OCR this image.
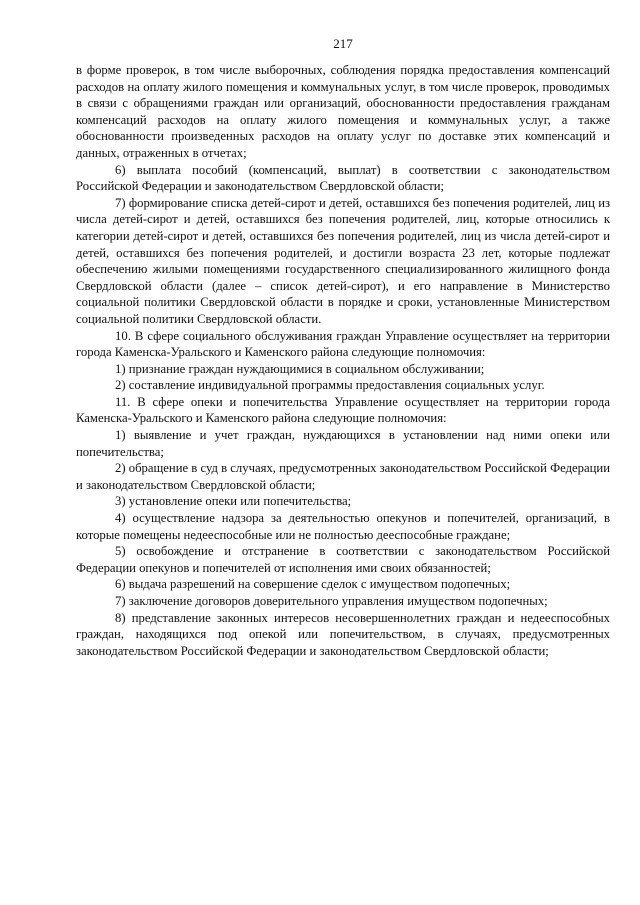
217

в форме проверок, в том числе выборочных, соблюдения порядка предоставления компенсаций расходов на оплату жилого помещения и коммунальных услуг, в том числе проверок, проводимых в связи с обращениями граждан или организаций, обоснованности предоставления гражданам компенсаций расходов на оплату жилого помещения и коммунальных услуг, а также обоснованности произведенных расходов на оплату услуг по доставке этих компенсаций и данных, отраженных в отчетах;

6) выплата пособий (компенсаций, выплат) в соответствии с законодательством Российской Федерации и законодательством Свердловской области;

7) формирование списка детей-сирот и детей, оставшихся без попечения родителей, лиц из числа детей-сирот и детей, оставшихся без попечения родителей, лиц, которые относились к категории детей-сирот и детей, оставшихся без попечения родителей, лиц из числа детей-сирот и детей, оставшихся без попечения родителей, и достигли возраста 23 лет, которые подлежат обеспечению жилыми помещениями государственного специализированного жилищного фонда Свердловской области (далее – список детей-сирот), и его направление в Министерство социальной политики Свердловской области в порядке и сроки, установленные Министерством социальной политики Свердловской области.

10. В сфере социального обслуживания граждан Управление осуществляет на территории города Каменска-Уральского и Каменского района следующие полномочия:

1) признание граждан нуждающимися в социальном обслуживании;

2) составление индивидуальной программы предоставления социальных услуг.

11. В сфере опеки и попечительства Управление осуществляет на территории города Каменска-Уральского и Каменского района следующие полномочия:

1) выявление и учет граждан, нуждающихся в установлении над ними опеки или попечительства;

2) обращение в суд в случаях, предусмотренных законодательством Российской Федерации и законодательством Свердловской области;

3) установление опеки или попечительства;

4) осуществление надзора за деятельностью опекунов и попечителей, организаций, в которые помещены недееспособные или не полностью дееспособные граждане;

5) освобождение и отстранение в соответствии с законодательством Российской Федерации опекунов и попечителей от исполнения ими своих обязанностей;

6) выдача разрешений на совершение сделок с имуществом подопечных;

7) заключение договоров доверительного управления имуществом подопечных;

8) представление законных интересов несовершеннолетних граждан и недееспособных граждан, находящихся под опекой или попечительством, в случаях, предусмотренных законодательством Российской Федерации и законодательством Свердловской области;
